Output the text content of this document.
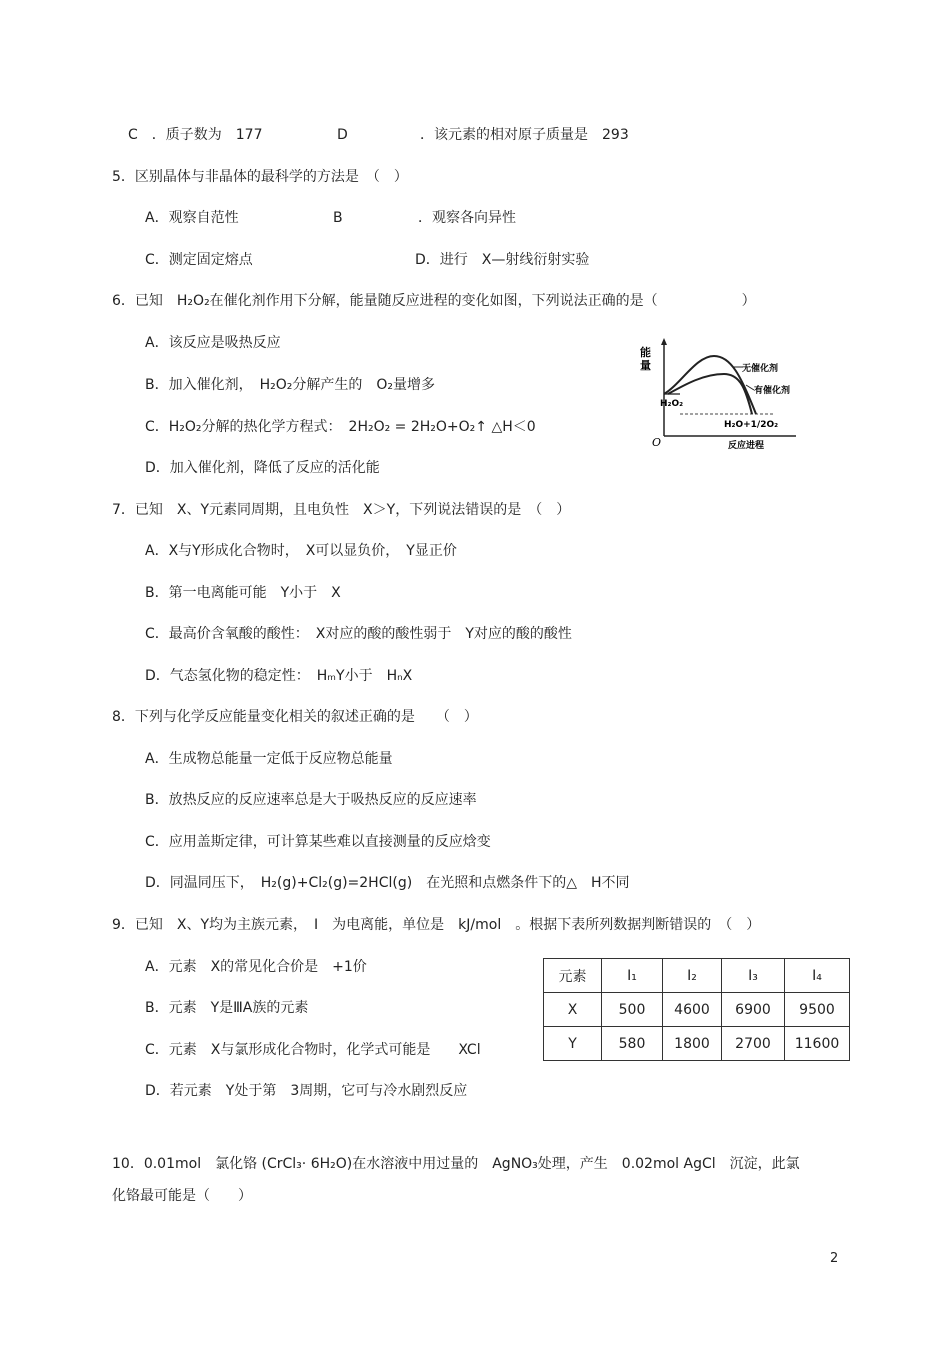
C　．质子数为　177	D	．该元素的相对原子质量是　293
5．区别晶体与非晶体的最科学的方法是　（　）
A．观察自范性	B	．观察各向异性
C．测定固定熔点	D．进行　X—射线衍射实验
6．已知　H₂O₂在催化剂作用下分解，能量随反应进程的变化如图，下列说法正确的是（　　　　　　）
A．该反应是吸热反应
B．加入催化剂，　H₂O₂分解产生的　O₂量增多
C．H₂O₂分解的热化学方程式：　2H₂O₂ = 2H₂O+O₂↑ △H＜0
D．加入催化剂，降低了反应的活化能
能
量
O
H₂O₂
H₂O+1/2O₂
无催化剂
有催化剂
反应进程
7．已知　X、Y元素同周期，且电负性　X＞Y，下列说法错误的是　（　）
A．X与Y形成化合物时，　X可以显负价，　Y显正价
B．第一电离能可能　Y小于　X
C．最高价含氧酸的酸性：　X对应的酸的酸性弱于　Y对应的酸的酸性
D．气态氢化物的稳定性：　HₘY小于　HₙX
8．下列与化学反应能量变化相关的叙述正确的是　　（　）
A．生成物总能量一定低于反应物总能量
B．放热反应的反应速率总是大于吸热反应的反应速率
C．应用盖斯定律，可计算某些难以直接测量的反应焓变
D．同温同压下，　H₂(g)+Cl₂(g)=2HCl(g)　在光照和点燃条件下的△　H不同
9．已知　X、Y均为主族元素，　I　为电离能，单位是　kJ/mol　。根据下表所列数据判断错误的　（　）
A．元素　X的常见化合价是　+1价
B．元素　Y是ⅢA族的元素
C．元素　X与氯形成化合物时，化学式可能是　　XCl
D．若元素　Y处于第　3周期，它可与冷水剧烈反应
元素	I₁	I₂	I₃	I₄
X	500	4600	6900	9500
Y	580	1800	2700	11600
10．0.01mol　氯化铬 (CrCl₃· 6H₂O)在水溶液中用过量的　AgNO₃处理，产生　0.02mol AgCl　沉淀，此氯
化铬最可能是（　　）
2
